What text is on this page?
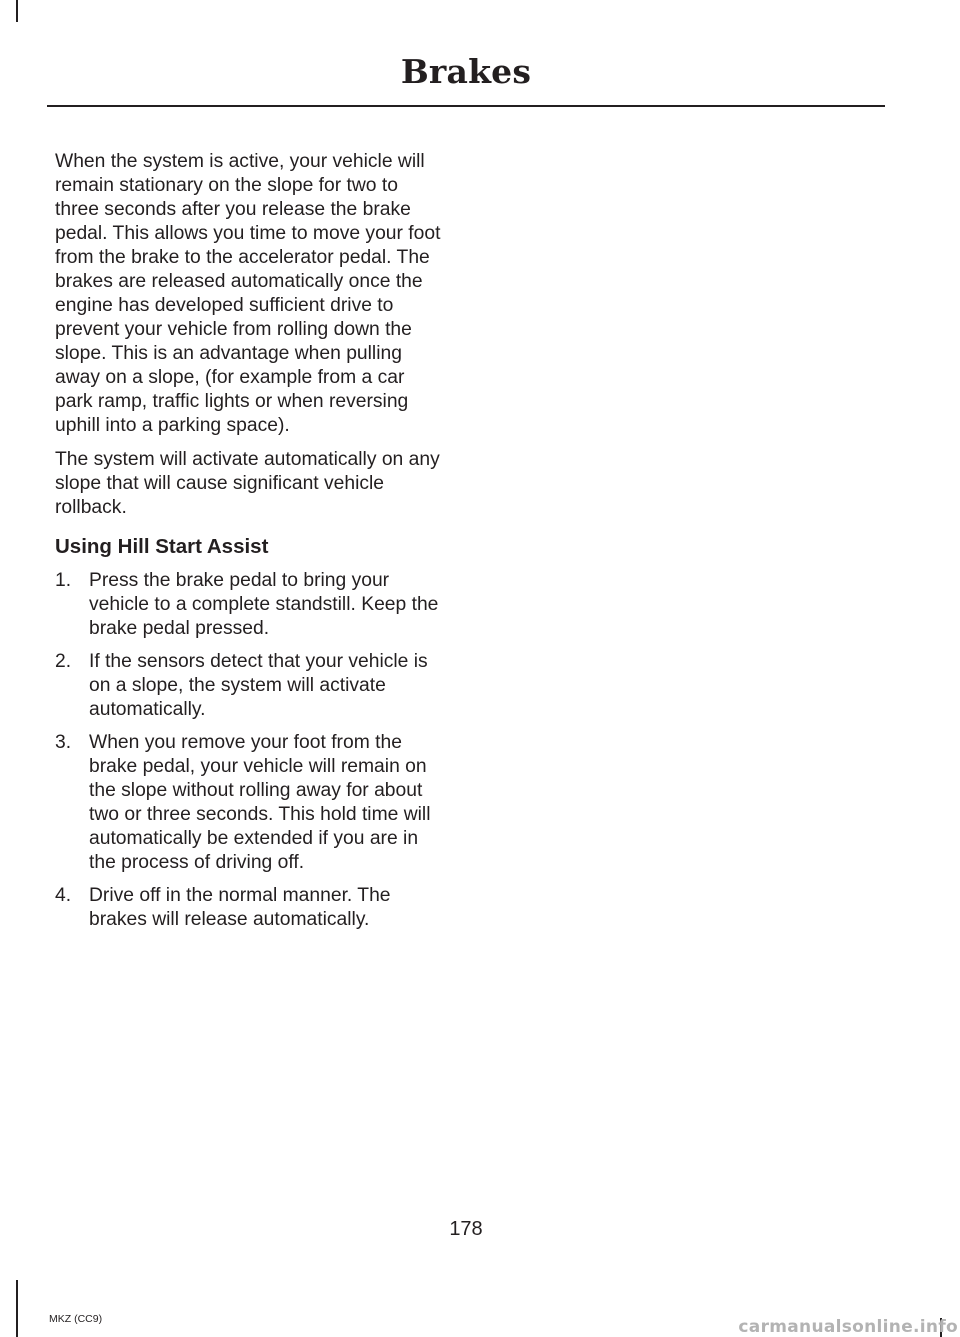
Brakes

When the system is active, your vehicle will remain stationary on the slope for two to three seconds after you release the brake pedal. This allows you time to move your foot from the brake to the accelerator pedal. The brakes are released automatically once the engine has developed sufficient drive to prevent your vehicle from rolling down the slope. This is an advantage when pulling away on a slope, (for example from a car park ramp, traffic lights or when reversing uphill into a parking space).

The system will activate automatically on any slope that will cause significant vehicle rollback.

Using Hill Start Assist
1. Press the brake pedal to bring your vehicle to a complete standstill. Keep the brake pedal pressed.
2. If the sensors detect that your vehicle is on a slope, the system will activate automatically.
3. When you remove your foot from the brake pedal, your vehicle will remain on the slope without rolling away for about two or three seconds. This hold time will automatically be extended if you are in the process of driving off.
4. Drive off in the normal manner. The brakes will release automatically.
178
MKZ (CC9)	carmanualsonline.info
